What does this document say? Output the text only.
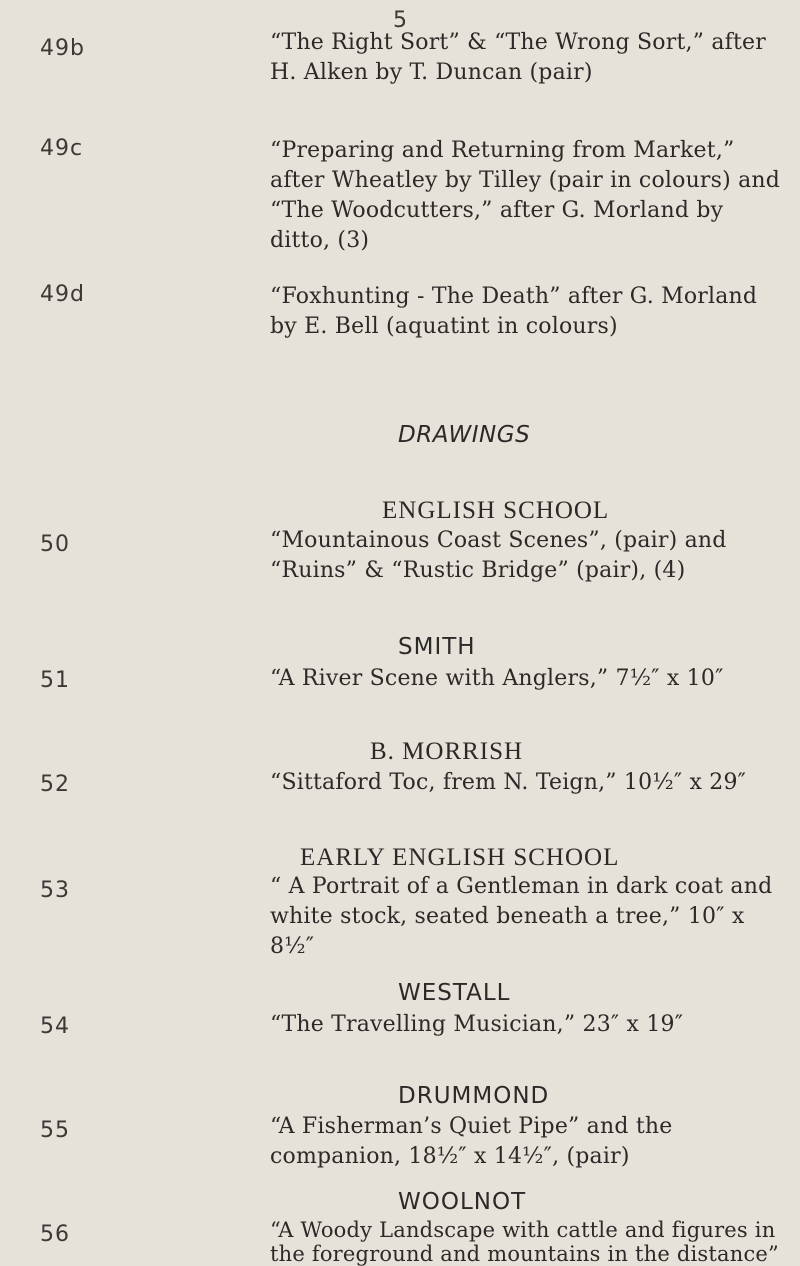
5
49b	“The Right Sort” & “The Wrong Sort,” after H. Alken by T. Duncan (pair)
49c	“Preparing and Returning from Market,” after Wheatley by Tilley (pair in colours) and “The Woodcutters,” after G. Morland by ditto, (3)
49d	“Foxhunting - The Death” after G. Morland by E. Bell (aquatint in colours)
DRAWINGS
ENGLISH SCHOOL
50	“Mountainous Coast Scenes”, (pair) and “Ruins” & “Rustic Bridge” (pair), (4)
SMITH
51	“A River Scene with Anglers,” 7½″ x 10″
B. MORRISH
52	“Sittaford Toc, frem N. Teign,” 10½″ x 29″
EARLY ENGLISH SCHOOL
53	“ A Portrait of a Gentleman in dark coat and white stock, seated beneath a tree,” 10″ x 8½″
WESTALL
54	“The Travelling Musician,” 23″ x 19″
DRUMMOND
55	“A Fisherman’s Quiet Pipe” and the companion, 18½″ x 14½″, (pair)
WOOLNOT
56	“A Woody Landscape with cattle and figures in the foreground and mountains in the distance”
